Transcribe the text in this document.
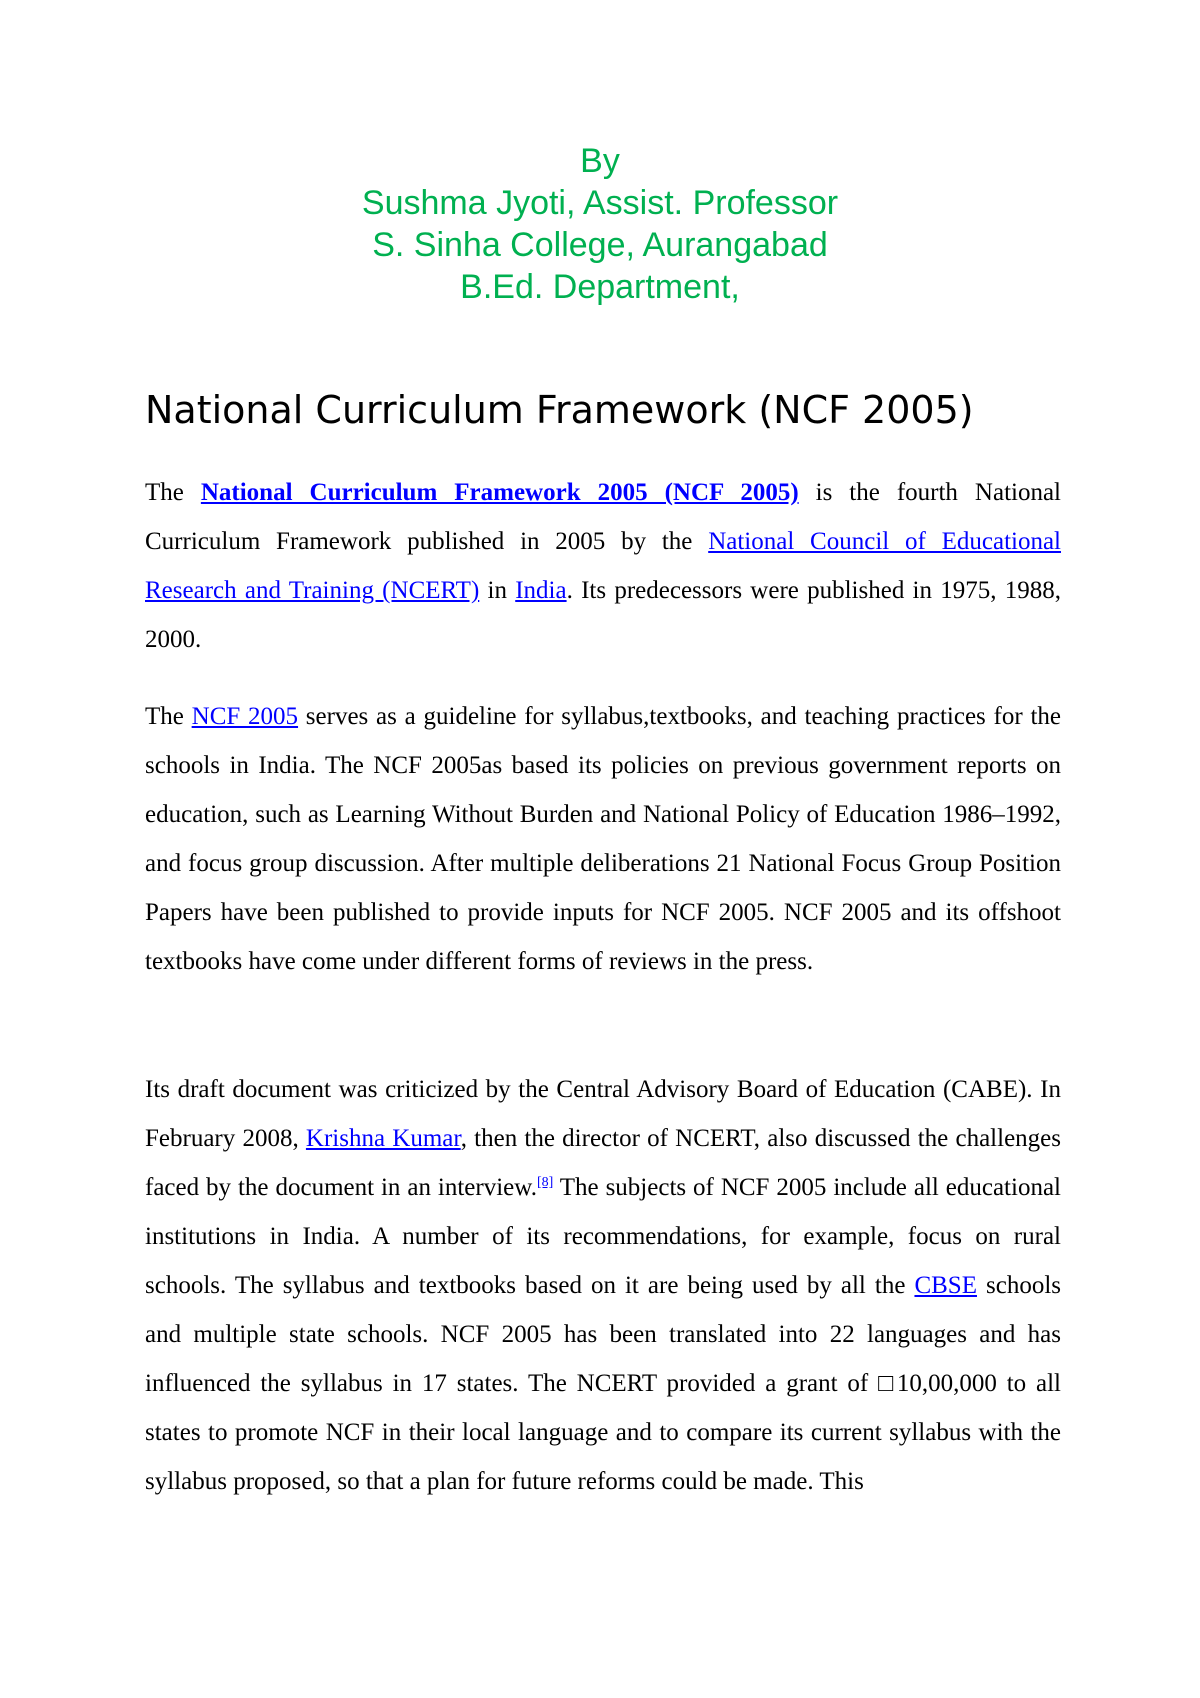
By
Sushma Jyoti, Assist. Professor
S. Sinha College, Aurangabad
B.Ed. Department,
National Curriculum Framework (NCF 2005)

The National Curriculum Framework 2005 (NCF 2005) is the fourth National Curriculum Framework published in 2005 by the National Council of Educational Research and Training (NCERT) in India. Its predecessors were published in 1975, 1988, 2000.

The NCF 2005 serves as a guideline for syllabus,textbooks, and teaching practices for the schools in India. The NCF 2005as based its policies on previous government reports on education, such as Learning Without Burden and National Policy of Education 1986–1992, and focus group discussion. After multiple deliberations 21 National Focus Group Position Papers have been published to provide inputs for NCF 2005. NCF 2005 and its offshoot textbooks have come under different forms of reviews in the press.

Its draft document was criticized by the Central Advisory Board of Education (CABE). In February 2008, Krishna Kumar, then the director of NCERT, also discussed the challenges faced by the document in an interview.[8] The subjects of NCF 2005 include all educational institutions in India. A number of its recommendations, for example, focus on rural schools. The syllabus and textbooks based on it are being used by all the CBSE schools and multiple state schools. NCF 2005 has been translated into 22 languages and has influenced the syllabus in 17 states. The NCERT provided a grant of □10,00,000 to all states to promote NCF in their local language and to compare its current syllabus with the syllabus proposed, so that a plan for future reforms could be made. This
